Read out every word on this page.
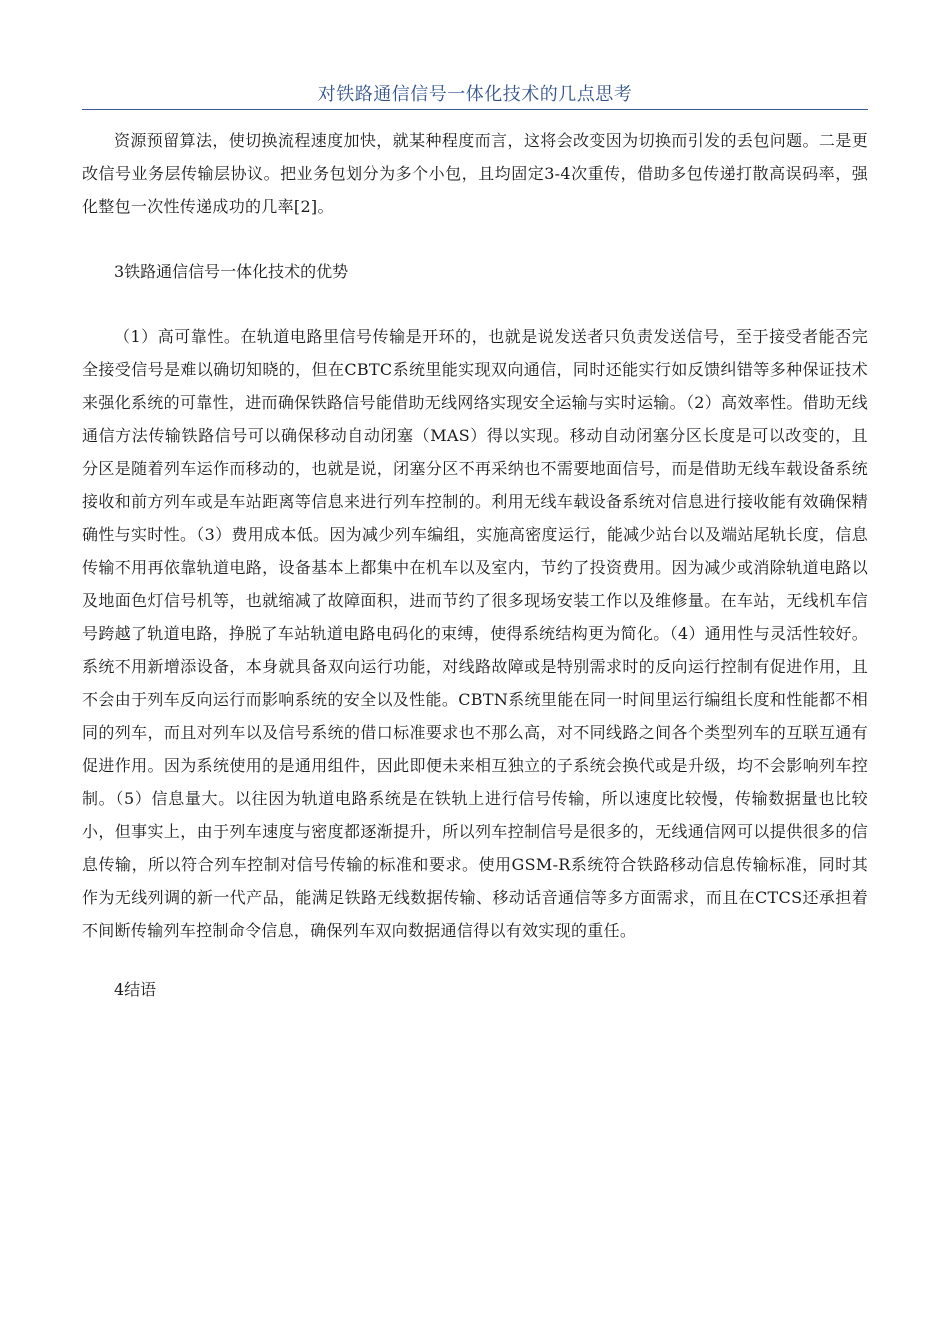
对铁路通信信号一体化技术的几点思考

资源预留算法，使切换流程速度加快，就某种程度而言，这将会改变因为切换而引发的丢包问题。二是更改信号业务层传输层协议。把业务包划分为多个小包，且均固定3-4次重传，借助多包传递打散高误码率，强化整包一次性传递成功的几率[2]。

3铁路通信信号一体化技术的优势

（1）高可靠性。在轨道电路里信号传输是开环的，也就是说发送者只负责发送信号，至于接受者能否完全接受信号是难以确切知晓的，但在CBTC系统里能实现双向通信，同时还能实行如反馈纠错等多种保证技术来强化系统的可靠性，进而确保铁路信号能借助无线网络实现安全运输与实时运输。（2）高效率性。借助无线通信方法传输铁路信号可以确保移动自动闭塞（MAS）得以实现。移动自动闭塞分区长度是可以改变的，且分区是随着列车运作而移动的，也就是说，闭塞分区不再采纳也不需要地面信号，而是借助无线车载设备系统接收和前方列车或是车站距离等信息来进行列车控制的。利用无线车载设备系统对信息进行接收能有效确保精确性与实时性。（3）费用成本低。因为减少列车编组，实施高密度运行，能减少站台以及端站尾轨长度，信息传输不用再依靠轨道电路，设备基本上都集中在机车以及室内，节约了投资费用。因为减少或消除轨道电路以及地面色灯信号机等，也就缩减了故障面积，进而节约了很多现场安装工作以及维修量。在车站，无线机车信号跨越了轨道电路，挣脱了车站轨道电路电码化的束缚，使得系统结构更为简化。（4）通用性与灵活性较好。系统不用新增添设备，本身就具备双向运行功能，对线路故障或是特别需求时的反向运行控制有促进作用，且不会由于列车反向运行而影响系统的安全以及性能。CBTN系统里能在同一时间里运行编组长度和性能都不相同的列车，而且对列车以及信号系统的借口标准要求也不那么高，对不同线路之间各个类型列车的互联互通有促进作用。因为系统使用的是通用组件，因此即便未来相互独立的子系统会换代或是升级，均不会影响列车控制。（5）信息量大。以往因为轨道电路系统是在铁轨上进行信号传输，所以速度比较慢，传输数据量也比较小，但事实上，由于列车速度与密度都逐渐提升，所以列车控制信号是很多的，无线通信网可以提供很多的信息传输，所以符合列车控制对信号传输的标准和要求。使用GSM-R系统符合铁路移动信息传输标准，同时其作为无线列调的新一代产品，能满足铁路无线数据传输、移动话音通信等多方面需求，而且在CTCS还承担着不间断传输列车控制命令信息，确保列车双向数据通信得以有效实现的重任。

4结语
